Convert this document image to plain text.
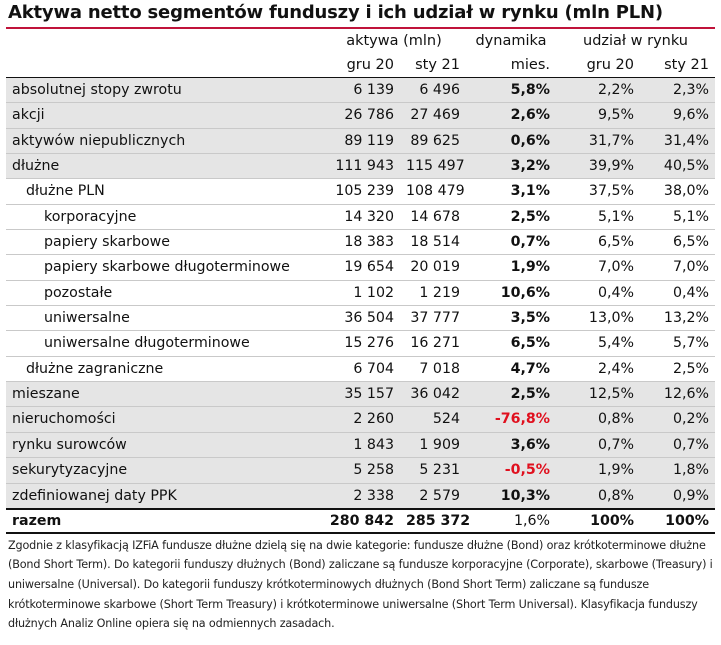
Aktywa netto segmentów funduszy i ich udział w rynku (mln PLN)
	aktywa (mln)		dynamika	udział w rynku	
	gru 20	sty 21	mies.	gru 20	sty 21
absolutnej stopy zwrotu	6 139	6 496	5,8%	2,2%	2,3%
akcji	26 786	27 469	2,6%	9,5%	9,6%
aktywów niepublicznych	89 119	89 625	0,6%	31,7%	31,4%
dłużne	111 943	115 497	3,2%	39,9%	40,5%
dłużne PLN	105 239	108 479	3,1%	37,5%	38,0%
korporacyjne	14 320	14 678	2,5%	5,1%	5,1%
papiery skarbowe	18 383	18 514	0,7%	6,5%	6,5%
papiery skarbowe długoterminowe	19 654	20 019	1,9%	7,0%	7,0%
pozostałe	1 102	1 219	10,6%	0,4%	0,4%
uniwersalne	36 504	37 777	3,5%	13,0%	13,2%
uniwersalne długoterminowe	15 276	16 271	6,5%	5,4%	5,7%
dłużne zagraniczne	6 704	7 018	4,7%	2,4%	2,5%
mieszane	35 157	36 042	2,5%	12,5%	12,6%
nieruchomości	2 260	524	-76,8%	0,8%	0,2%
rynku surowców	1 843	1 909	3,6%	0,7%	0,7%
sekurytyzacyjne	5 258	5 231	-0,5%	1,9%	1,8%
zdefiniowanej daty PPK	2 338	2 579	10,3%	0,8%	0,9%
razem	280 842	285 372	1,6%	100%	100%
Zgodnie z klasyfikacją IZFiA fundusze dłużne dzielą się na dwie kategorie: fundusze dłużne (Bond) oraz krótkoterminowe dłużne (Bond Short Term). Do kategorii funduszy dłużnych (Bond) zaliczane są fundusze korporacyjne (Corporate), skarbowe (Treasury) i uniwersalne (Universal). Do kategorii funduszy krótkoterminowych dłużnych (Bond Short Term) zaliczane są fundusze krótkoterminowe skarbowe (Short Term Treasury) i krótkoterminowe uniwersalne (Short Term Universal). Klasyfikacja funduszy dłużnych Analiz Online opiera się na odmiennych zasadach.
